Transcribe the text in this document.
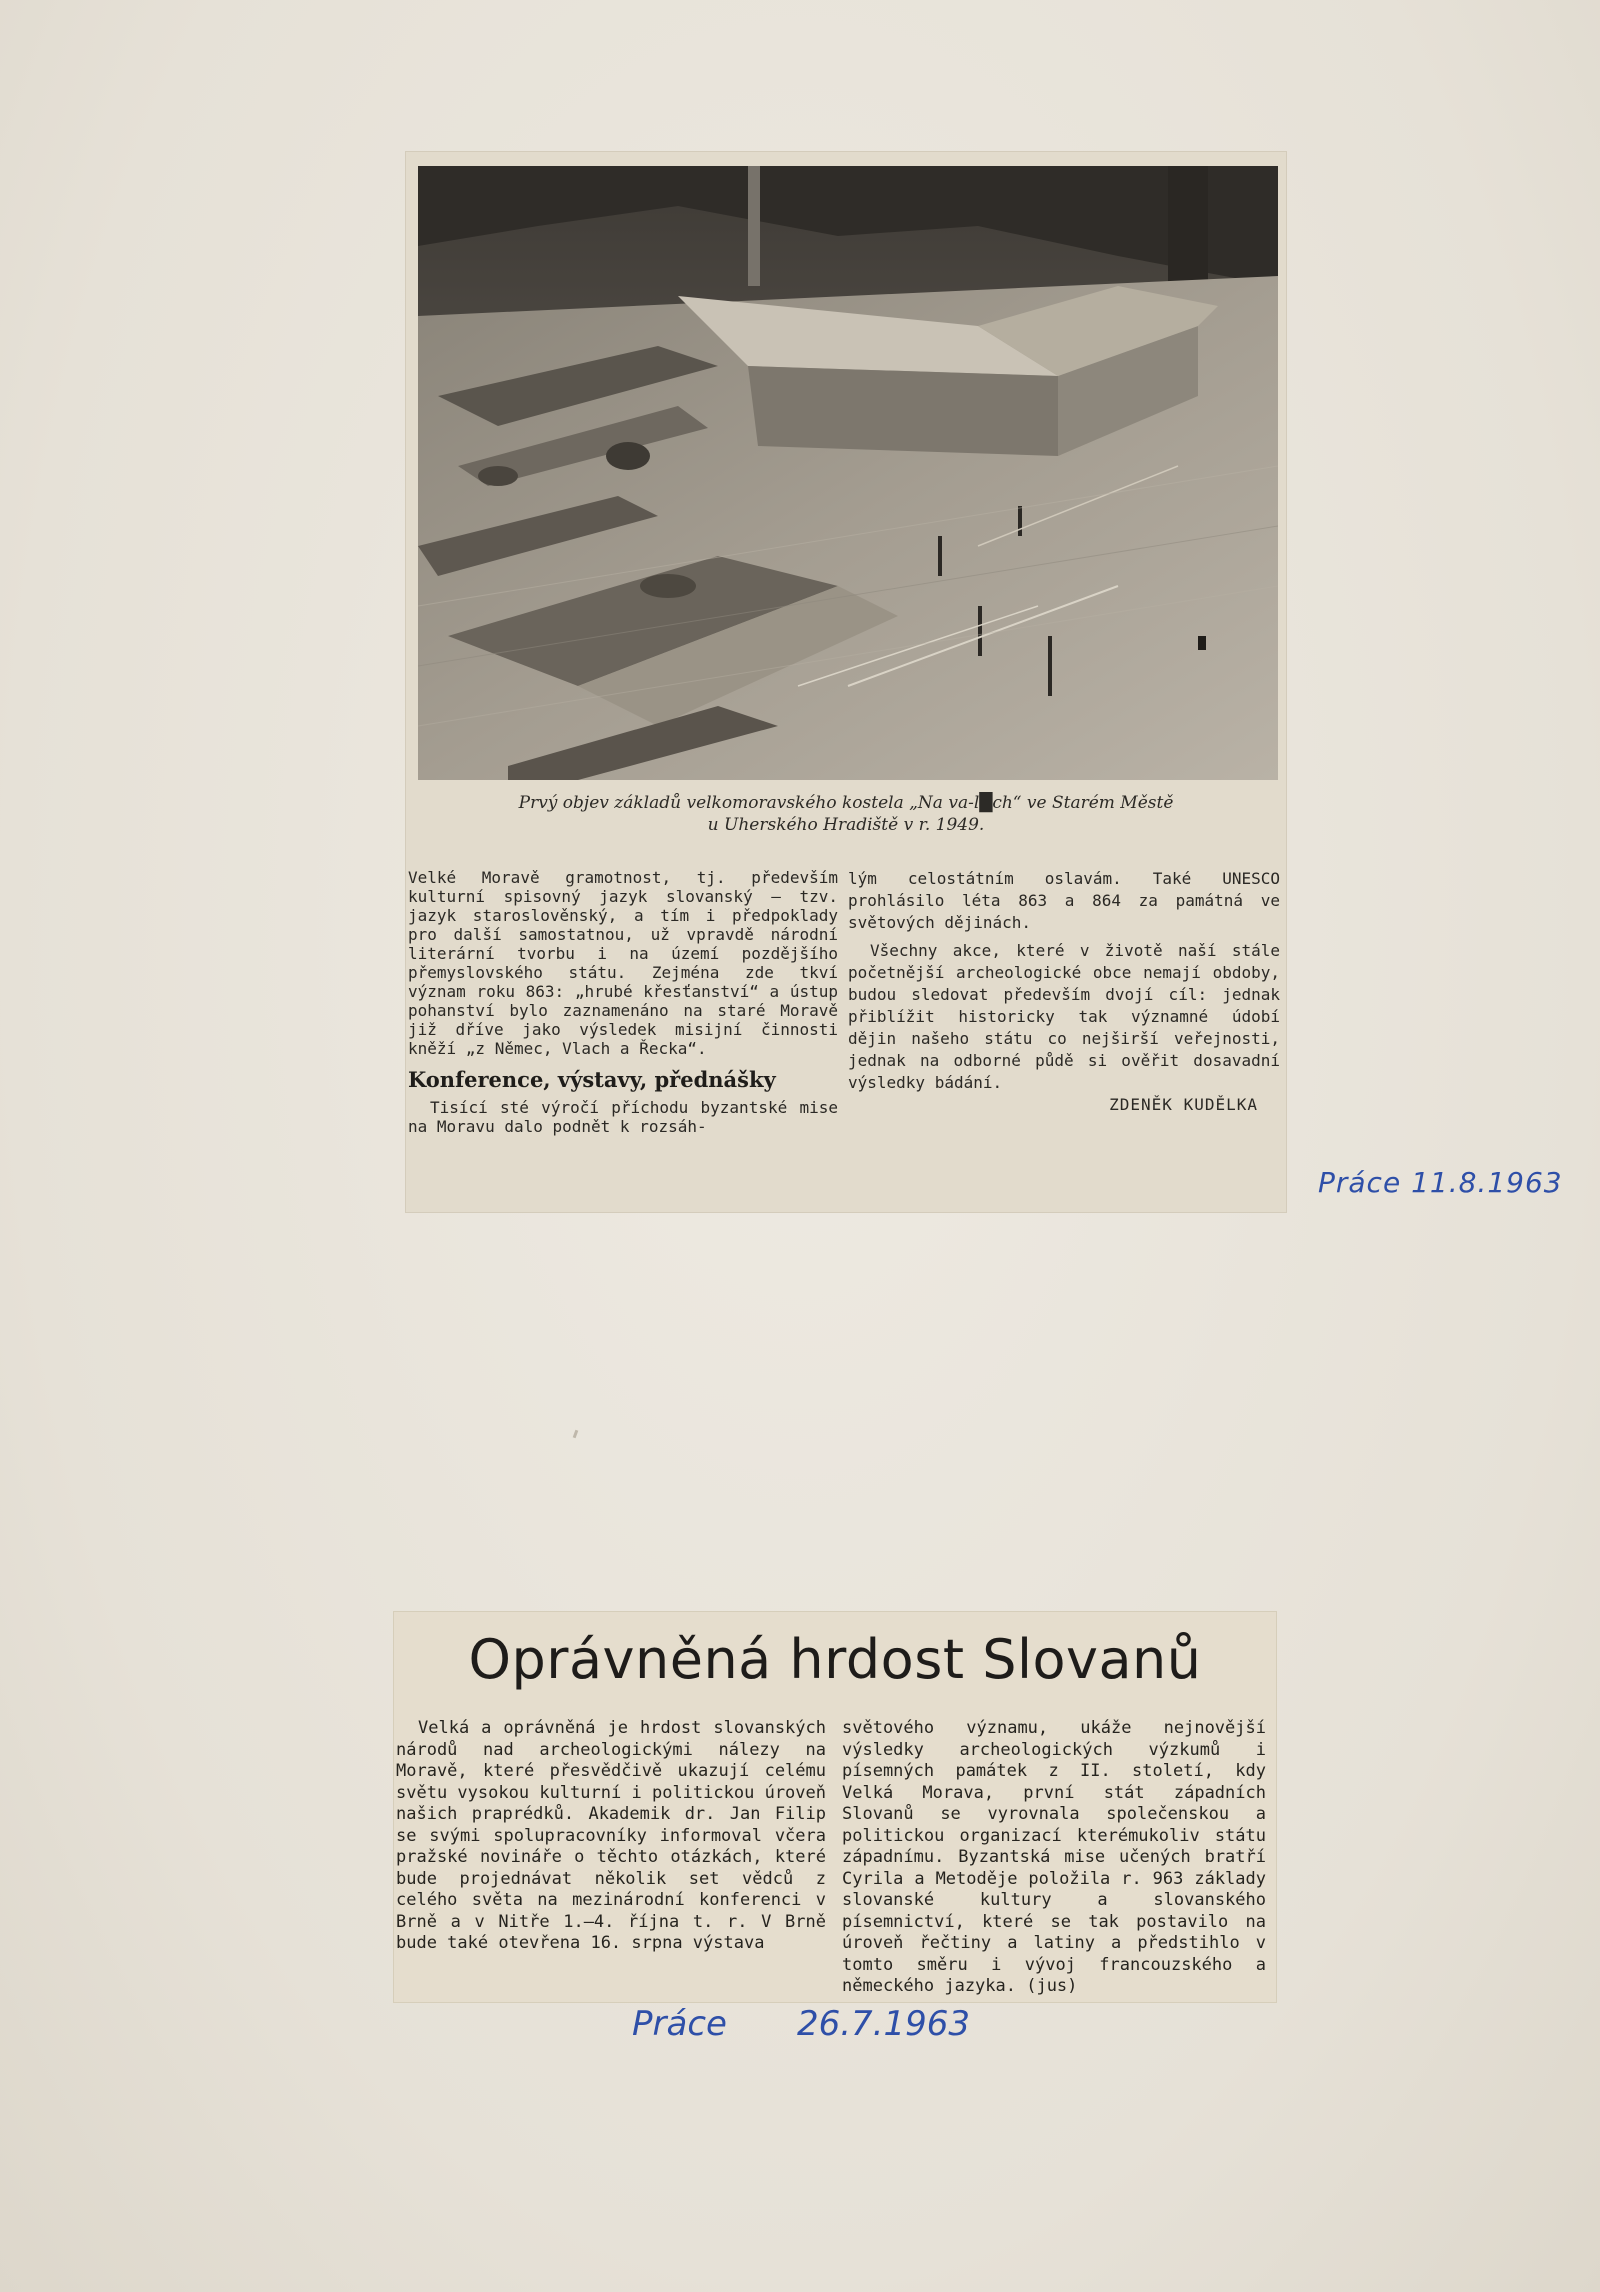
Prvý objev základů velkomoravského kostela „Na va-l█ch“ ve Starém Městě
u Uherského Hradiště v r. 1949.

Velké Moravě gramotnost, tj. především kulturní spisovný jazyk slovanský — tzv. jazyk staroslověnský, a tím i předpoklady pro další samostatnou, už vpravdě národní literární tvorbu i na území pozdějšího přemyslovského státu. Zejména zde tkví význam roku 863: „hrubé křesťanství“ a ústup pohanství bylo zaznamenáno na staré Moravě již dříve jako výsledek misijní činnosti kněží „z Němec, Vlach a Řecka“.

Konference, výstavy, přednášky

Tisící sté výročí příchodu byzantské mise na Moravu dalo podnět k rozsáh-

lým celostátním oslavám. Také UNESCO prohlásilo léta 863 a 864 za památná ve světových dějinách.

Všechny akce, které v životě naší stále početnější archeologické obce nemají obdoby, budou sledovat především dvojí cíl: jednak přiblížit historicky tak významné údobí dějin našeho státu co nejširší veřejnosti, jednak na odborné půdě si ověřit dosavadní výsledky bádání.

ZDENĚK KUDĚLKA

Práce 11.8.1963
Oprávněná hrdost Slovanů

Velká a oprávněná je hrdost slovanských národů nad archeologickými nálezy na Moravě, které přesvědčivě ukazují celému světu vysokou kulturní i politickou úroveň našich praprédků. Akademik dr. Jan Filip se svými spolupracovníky informoval včera pražské novináře o těchto otázkách, které bude projednávat několik set vědců z celého světa na mezinárodní konferenci v Brně a v Nitře 1.—4. října t. r. V Brně bude také otevřena 16. srpna výstava

světového významu, ukáže nejnovější výsledky archeologických výzkumů i písemných památek z II. století, kdy Velká Morava, první stát západních Slovanů se vyrovnala společenskou a politickou organizací kterémukoliv státu západnímu. Byzantská mise učených bratří Cyrila a Metoděje položila r. 963 základy slovanské kultury a slovanského písemnictví, které se tak postavilo na úroveň řečtiny a latiny a předstihlo v tomto směru i vývoj francouzského a německého jazyka. (jus)

Práce 26.7.1963
